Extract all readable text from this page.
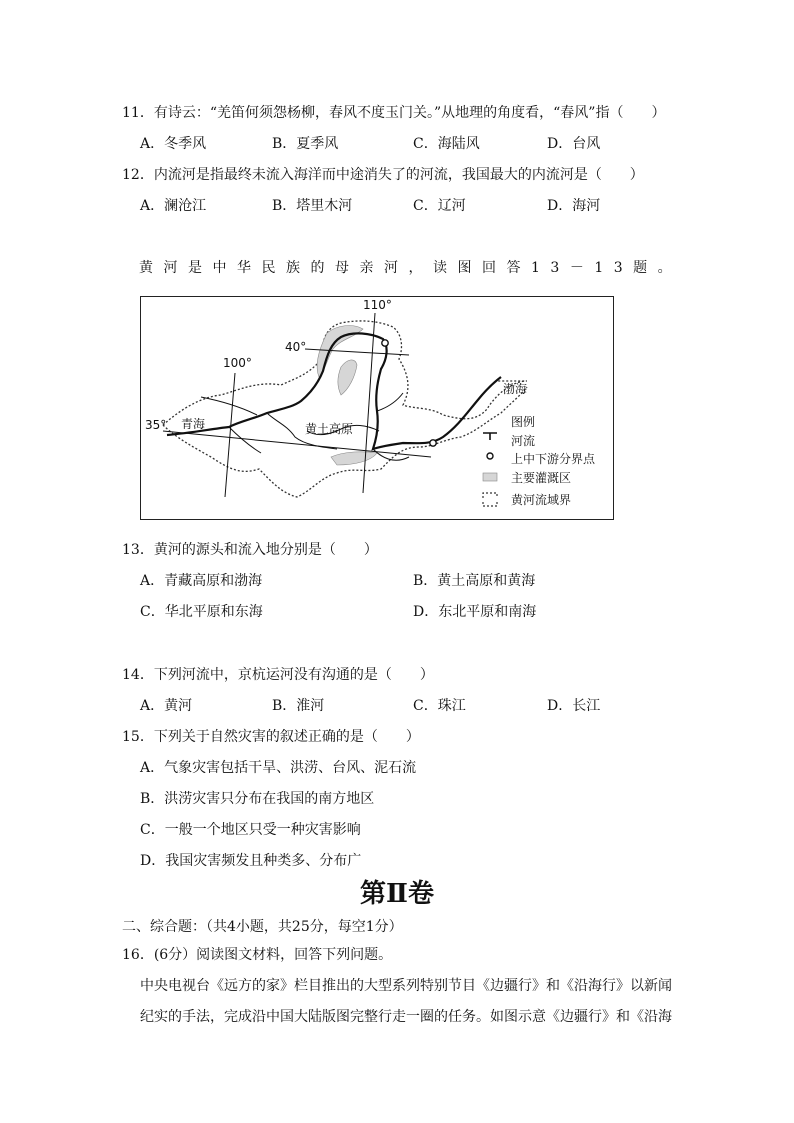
11．有诗云：“羌笛何须怨杨柳，春风不度玉门关。”从地理的角度看，“春风”指（　　）
A．冬季风	B．夏季风	C．海陆风	D．台风
12．内流河是指最终未流入海洋而中途消失了的河流，我国最大的内流河是（　　）
A．澜沧江	B．塔里木河	C．辽河	D．海河
黄河是中华民族的母亲河，读图回答13－13题。
110°
100°
40°
35° 青海	黄土高原
渤海
图例
河流
上中下游分界点
主要灌溉区
黄河流域界
13．黄河的源头和流入地分别是（　　）
A．青藏高原和渤海	B．黄土高原和黄海
C．华北平原和东海	D．东北平原和南海
14．下列河流中，京杭运河没有沟通的是（　　）
A．黄河	B．淮河	C．珠江	D．长江
15．下列关于自然灾害的叙述正确的是（　　）
A．气象灾害包括干旱、洪涝、台风、泥石流
B．洪涝灾害只分布在我国的南方地区
C．一般一个地区只受一种灾害影响
D．我国灾害频发且种类多、分布广
第Ⅱ卷
二、综合题：（共4小题，共25分，每空1分）
16．(6分）阅读图文材料，回答下列问题。
中央电视台《远方的家》栏目推出的大型系列特别节目《边疆行》和《沿海行》以新闻
纪实的手法，完成沿中国大陆版图完整行走一圈的任务。如图示意《边疆行》和《沿海
